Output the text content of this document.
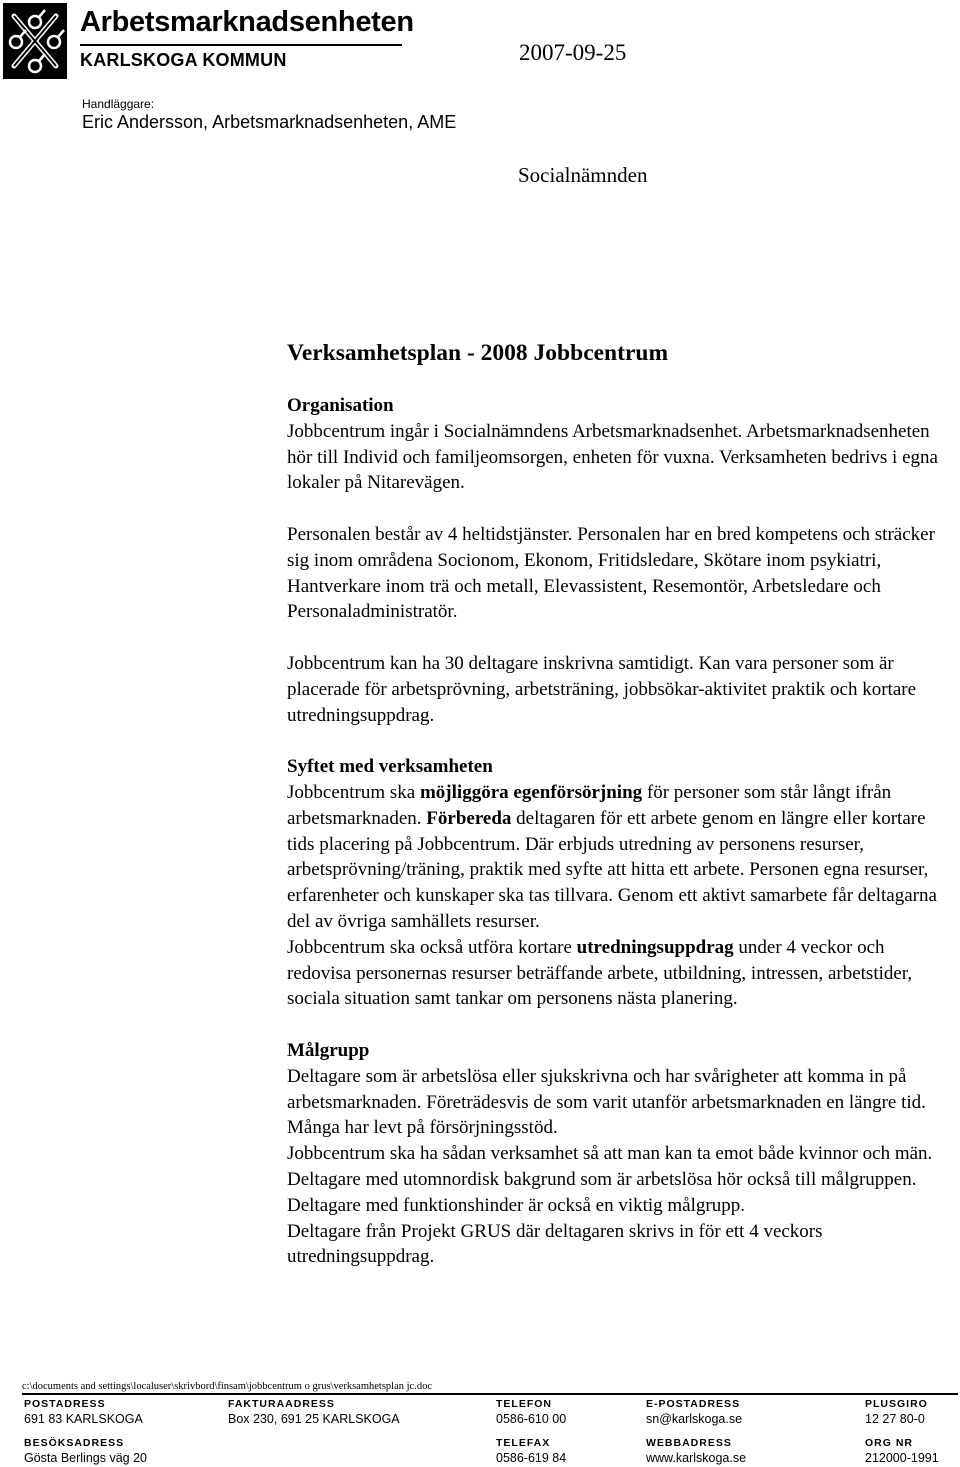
Arbetsmarknadsenheten
KARLSKOGA KOMMUN	2007-09-25
Handläggare:
Eric Andersson, Arbetsmarknadsenheten, AME
Socialnämnden

Verksamhetsplan - 2008 Jobbcentrum

Organisation

Jobbcentrum ingår i Socialnämndens Arbetsmarknadsenhet. Arbetsmarknadsenheten hör till Individ och familjeomsorgen, enheten för vuxna. Verksamheten bedrivs i egna lokaler på Nitarevägen.

Personalen består av 4 heltidstjänster. Personalen har en bred kompetens och sträcker sig inom områdena Socionom, Ekonom, Fritidsledare, Skötare inom psykiatri, Hantverkare inom trä och metall, Elevassistent, Resemontör, Arbetsledare och Personaladministratör.

Jobbcentrum kan ha 30 deltagare inskrivna samtidigt. Kan vara personer som är placerade för arbetsprövning, arbetsträning, jobbsökar-aktivitet praktik och kortare utredningsuppdrag.

Syftet med verksamheten

Jobbcentrum ska möjliggöra egenförsörjning för personer som står långt ifrån arbetsmarknaden. Förbereda deltagaren för ett arbete genom en längre eller kortare tids placering på Jobbcentrum. Där erbjuds utredning av personens resurser, arbetsprövning/träning, praktik med syfte att hitta ett arbete. Personen egna resurser, erfarenheter och kunskaper ska tas tillvara. Genom ett aktivt samarbete får deltagarna del av övriga samhällets resurser.

Jobbcentrum ska också utföra kortare utredningsuppdrag under 4 veckor och redovisa personernas resurser beträffande arbete, utbildning, intressen, arbetstider, sociala situation samt tankar om personens nästa planering.

Målgrupp

Deltagare som är arbetslösa eller sjukskrivna och har svårigheter att komma in på arbetsmarknaden. Företrädesvis de som varit utanför arbetsmarknaden en längre tid. Många har levt på försörjningsstöd.

Jobbcentrum ska ha sådan verksamhet så att man kan ta emot både kvinnor och män.

Deltagare med utomnordisk bakgrund som är arbetslösa hör också till målgruppen.

Deltagare med funktionshinder är också en viktig målgrupp.

Deltagare från Projekt GRUS där deltagaren skrivs in för ett 4 veckors utredningsuppdrag.

c:\documents and settings\localuser\skrivbord\finsam\jobbcentrum o grus\verksamhetsplan jc.doc
POSTADRESS
691 83 KARLSKOGA
FAKTURAADRESS
Box 230, 691 25 KARLSKOGA
TELEFON
0586-610 00
E-POSTADRESS
sn@karlskoga.se
PLUSGIRO
12 27 80-0
BESÖKSADRESS
Gösta Berlings väg 20
TELEFAX
0586-619 84
WEBBADRESS
www.karlskoga.se
ORG NR
212000-1991
